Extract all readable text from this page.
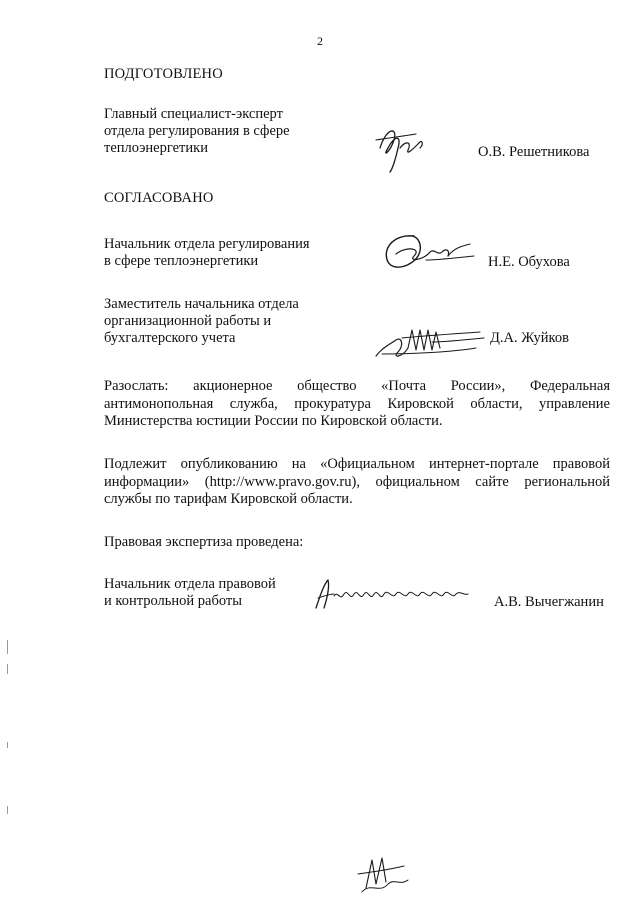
2
ПОДГОТОВЛЕНО
Главный специалист-эксперт
отдела регулирования в сфере
теплоэнергетики	О.В. Решетникова
СОГЛАСОВАНО
Начальник отдела регулирования
в сфере теплоэнергетики	Н.Е. Обухова
Заместитель начальника отдела
организационной работы и
бухгалтерского учета	Д.А. Жуйков
Разослать: акционерное общество «Почта России», Федеральная антимонопольная служба, прокуратура Кировской области, управление Министерства юстиции России по Кировской области.
Подлежит опубликованию на «Официальном интернет-портале правовой информации» (http://www.pravo.gov.ru), официальном сайте региональной службы по тарифам Кировской области.
Правовая экспертиза проведена:
Начальник отдела правовой
и контрольной работы	А.В. Вычегжанин
